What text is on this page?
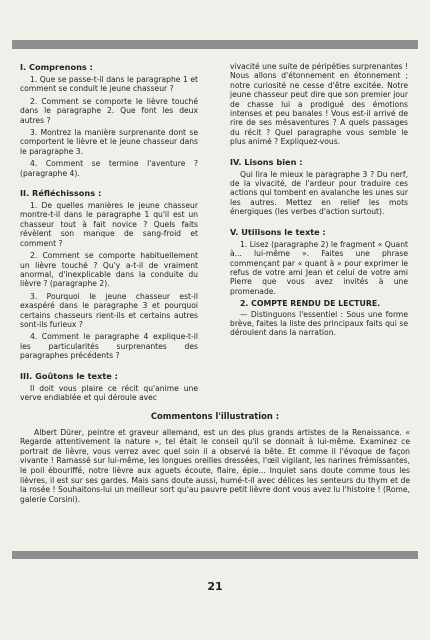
I. Comprenons :
1. Que se passe-t-il dans le paragraphe 1 et comment se conduit le jeune chasseur ?
2. Comment se comporte le lièvre touché dans le paragraphe 2. Que font les deux autres ?
3. Montrez la manière surprenante dont se comportent le lièvre et le jeune chasseur dans le paragraphe 3.
4. Comment se termine l'aventure ? (paragraphe 4).
II. Réfléchissons :
1. De quelles manières le jeune chasseur montre-t-il dans le paragraphe 1 qu'il est un chasseur tout à fait novice ? Quels faits révèlent son manque de sang-froid et comment ?
2. Comment se comporte habituellement un lièvre touché ? Qu'y a-t-il de vraiment anormal, d'inexplicable dans la conduite du lièvre ? (paragraphe 2).
3. Pourquoi le jeune chasseur est-il exaspéré dans le paragraphe 3 et pourquoi certains chasseurs rient-ils et certains autres sont-ils furieux ?
4. Comment le paragraphe 4 explique-t-il les particularités surprenantes des paragraphes précédents ?
III. Goûtons le texte :
Il doit vous plaire ce récit qu'anime une verve endiablée et qui déroule avec
vivacité une suite de péripéties surprenantes ! Nous allons d'étonnement en étonnement ; notre curiosité ne cesse d'être excitée. Notre jeune chasseur peut dire que son premier jour de chasse lui a prodigué des émotions intenses et peu banales ! Vous est-il arrivé de rire de ses mésaventures ? A quels passages du récit ? Quel paragraphe vous semble le plus animé ? Expliquez-vous.
IV. Lisons bien :
Qui lira le mieux le paragraphe 3 ? Du nerf, de la vivacité, de l'ardeur pour traduire ces actions qui tombent en avalanche les unes sur les autres. Mettez en relief les mots énergiques (les verbes d'action surtout).
V. Utilisons le texte :
1. Lisez (paragraphe 2) le fragment « Quant à... lui-même ». Faites une phrase commençant par « quant à » pour exprimer le refus de votre ami Jean et celui de votre ami Pierre que vous avez invités à une promenade.
2. COMPTE RENDU DE LECTURE.
— Distinguons l'essentiel : Sous une forme brève, faites la liste des principaux faits qui se déroulent dans la narration.
Commentons l'illustration :
Albert Dürer, peintre et graveur allemand, est un des plus grands artistes de la Renaissance. « Regarde attentivement la nature », tel était le conseil qu'il se donnait à lui-même. Examinez ce portrait de lièvre, vous verrez avec quel soin il a observé la bête. Et comme il l'évoque de façon vivante ! Ramassé sur lui-même, les longues oreilles dressées, l'œil vigilant, les narines frémissantes, le poil ébouriffé, notre lièvre aux aguets écoute, flaire, épie... Inquiet sans doute comme tous les lièvres, il est sur ses gardes. Mais sans doute aussi, humé-t-il avec délices les senteurs du thym et de la rosée ! Souhaitons-lui un meilleur sort qu'au pauvre petit lièvre dont vous avez lu l'histoire ! (Rome, galerie Corsini).
21
